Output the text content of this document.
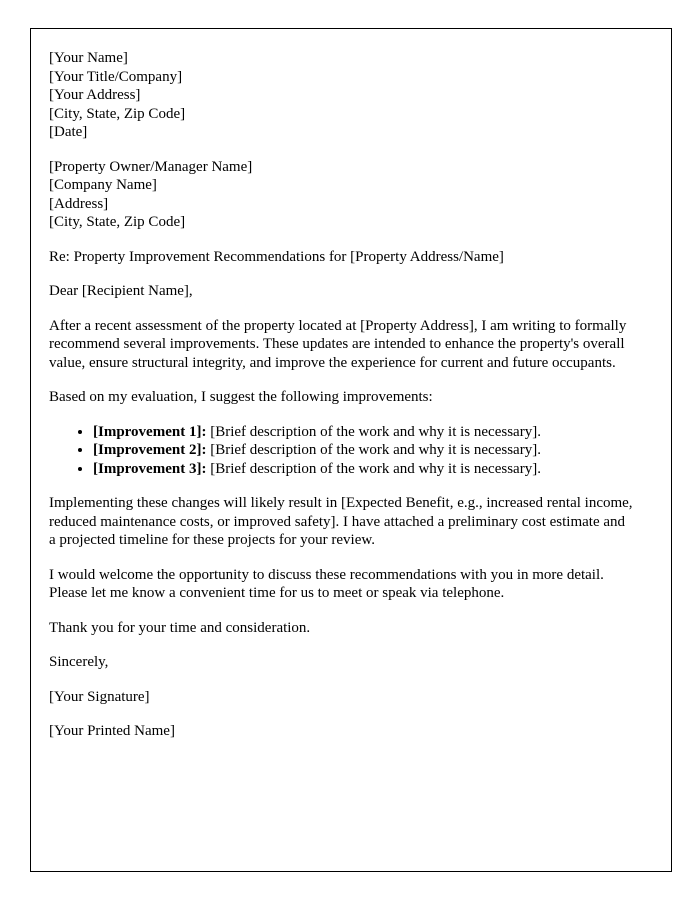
[Your Name]
[Your Title/Company]
[Your Address]
[City, State, Zip Code]
[Date]
[Property Owner/Manager Name]
[Company Name]
[Address]
[City, State, Zip Code]
Re: Property Improvement Recommendations for [Property Address/Name]
Dear [Recipient Name],
After a recent assessment of the property located at [Property Address], I am writing to formally recommend several improvements. These updates are intended to enhance the property's overall value, ensure structural integrity, and improve the experience for current and future occupants.
Based on my evaluation, I suggest the following improvements:
• [Improvement 1]: [Brief description of the work and why it is necessary].
• [Improvement 2]: [Brief description of the work and why it is necessary].
• [Improvement 3]: [Brief description of the work and why it is necessary].
Implementing these changes will likely result in [Expected Benefit, e.g., increased rental income, reduced maintenance costs, or improved safety]. I have attached a preliminary cost estimate and a projected timeline for these projects for your review.
I would welcome the opportunity to discuss these recommendations with you in more detail. Please let me know a convenient time for us to meet or speak via telephone.
Thank you for your time and consideration.
Sincerely,
[Your Signature]
[Your Printed Name]
